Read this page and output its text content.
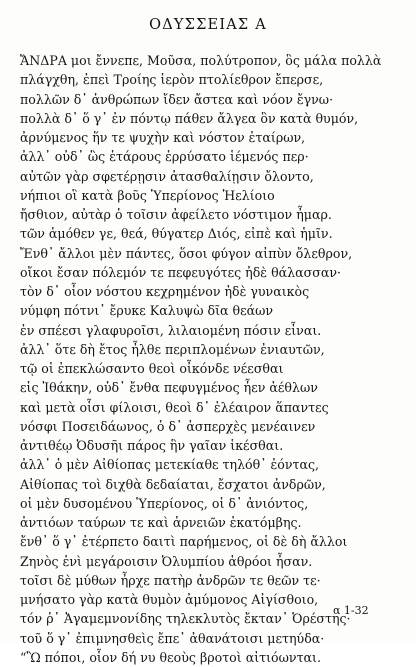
ΟΔΥΣΣΕΙΑΣ Α
ἌΝΔΡΑ μοι ἔννεπε, Μοῦσα, πολύτροπον, ὃς μάλα πολλὰ
πλάγχθη, ἐπεὶ Τροίης ἱερὸν πτολίεθρον ἔπερσε,
πολλῶν δ᾽ ἀνθρώπων ἴδεν ἄστεα καὶ νόον ἔγνω·
πολλὰ δ᾽ ὅ γ᾽ ἐν πόντῳ πάθεν ἄλγεα ὃν κατὰ θυμόν,
ἀρνύμενος ἥν τε ψυχὴν καὶ νόστον ἑταίρων,
ἀλλ᾽ οὐδ᾽ ὣς ἑτάρους ἐρρύσατο ἱέμενός περ·
αὐτῶν γὰρ σφετέρῃσιν ἀτασθαλίῃσιν ὄλοντο,
νήπιοι οἳ κατὰ βοῦς Ὑπερίονος Ἠελίοιο
ἤσθιον, αὐτὰρ ὁ τοῖσιν ἀφείλετο νόστιμον ἦμαρ.
τῶν ἁμόθεν γε, θεά, θύγατερ Διός, εἰπὲ καὶ ἡμῖν.
Ἔνθ᾽ ἄλλοι μὲν πάντες, ὅσοι φύγον αἰπὺν ὄλεθρον,
οἴκοι ἔσαν πόλεμόν τε πεφευγότες ἠδὲ θάλασσαν·
τὸν δ᾽ οἶον νόστου κεχρημένον ἠδὲ γυναικὸς
νύμφη πότνι᾽ ἔρυκε Καλυψὼ δῖα θεάων
ἐν σπέεσι γλαφυροῖσι, λιλαιομένη πόσιν εἶναι.
ἀλλ᾽ ὅτε δὴ ἔτος ἦλθε περιπλομένων ἐνιαυτῶν,
τῷ οἱ ἐπεκλώσαντο θεοὶ οἶκόνδε νέεσθαι
εἰς Ἰθάκην, οὐδ᾽ ἔνθα πεφυγμένος ἦεν ἀέθλων
καὶ μετὰ οἷσι φίλοισι, θεοὶ δ᾽ ἐλέαιρον ἅπαντες
νόσφι Ποσειδάωνος, ὁ δ᾽ ἀσπερχὲς μενέαινεν
ἀντιθέῳ Ὀδυσῆι πάρος ἣν γαῖαν ἱκέσθαι.
ἀλλ᾽ ὁ μὲν Αἰθίοπας μετεκίαθε τηλόθ᾽ ἐόντας,
Αἰθίοπας τοὶ διχθὰ δεδαίαται, ἔσχατοι ἀνδρῶν,
οἱ μὲν δυσομένου Ὑπερίονος, οἱ δ᾽ ἀνιόντος,
ἀντιόων ταύρων τε καὶ ἀρνειῶν ἑκατόμβης.
ἔνθ᾽ ὅ γ᾽ ἐτέρπετο δαιτὶ παρήμενος, οἱ δὲ δὴ ἄλλοι
Ζηνὸς ἐνὶ μεγάροισιν Ὀλυμπίου ἁθρόοι ἦσαν.
τοῖσι δὲ μύθων ἦρχε πατὴρ ἀνδρῶν τε θεῶν τε·
μνήσατο γὰρ κατὰ θυμὸν ἀμύμονος Αἰγίσθοιο,
τόν ῥ᾽ Ἀγαμεμνονίδης τηλεκλυτὸς ἔκταν᾽ Ὀρέστης·
τοῦ ὅ γ᾽ ἐπιμνησθεὶς ἔπε᾽ ἀθανάτοισι μετηύδα·
“Ὢ πόποι, οἷον δή νυ θεοὺς βροτοὶ αἰτιόωνται.
α 1-32
